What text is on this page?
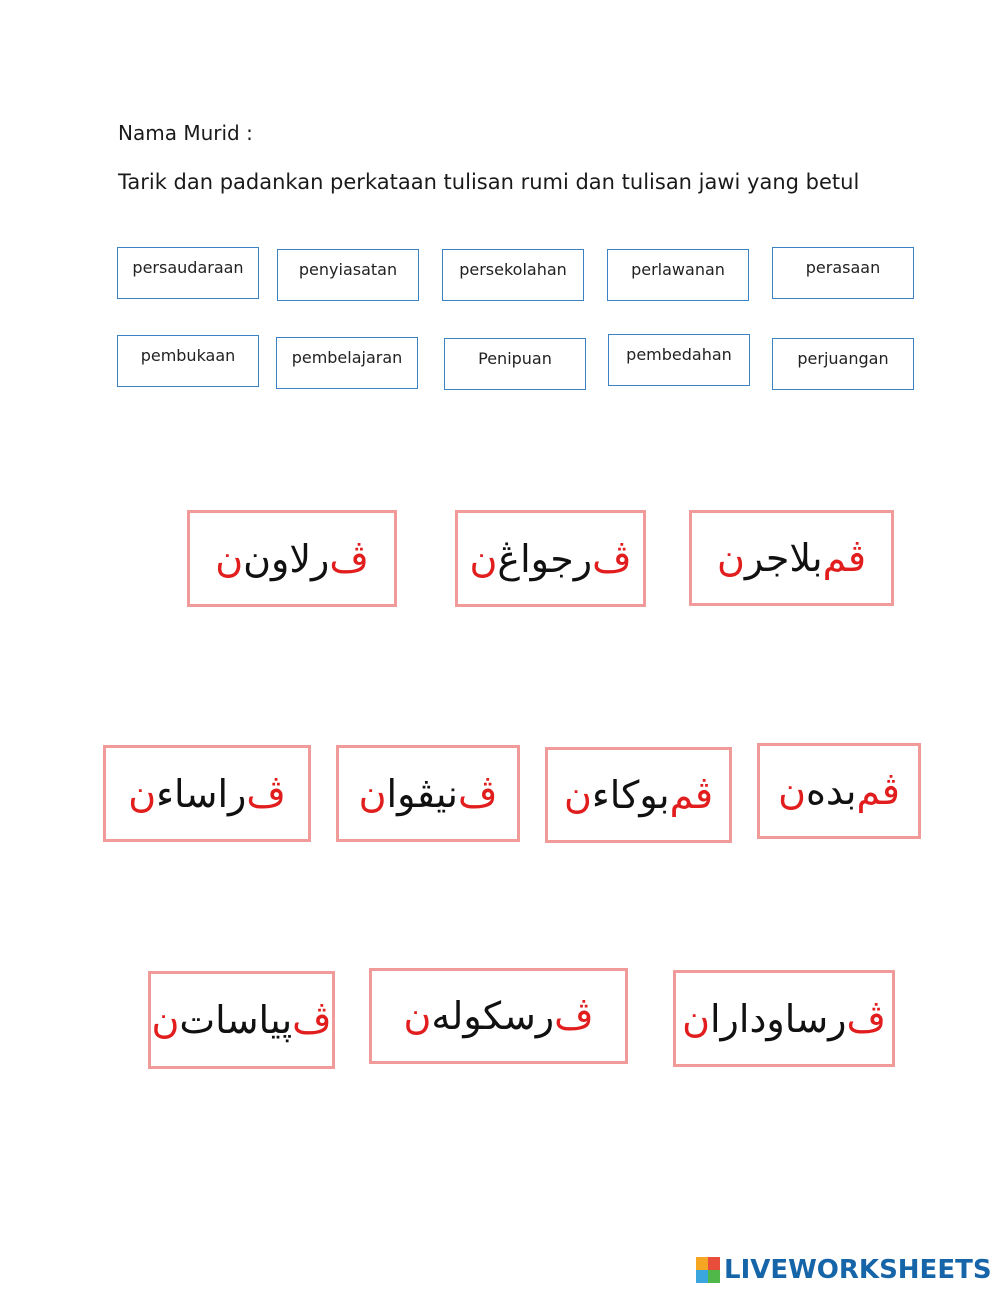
Nama Murid :
Tarik dan padankan perkataan tulisan rumi dan tulisan jawi yang betul
persaudaraan	penyiasatan	persekolahan	perlawanan	perasaan
pembukaan	pembelajaran	Penipuan	pembedahan	perjuangan
ڤ
رلاون
ن	ڤ
رجواڠ
ن	ڤم
بلاجر
ن
ڤ
راساء
ن	ڤ
نيڤوا
ن	ڤم
بوكاء
ن	ڤم
بده
ن
ڤ
ڽياسات
ن	ڤ
رسكوله
ن	ڤ
رساودارا
ن
LIVEWORKSHEETS
